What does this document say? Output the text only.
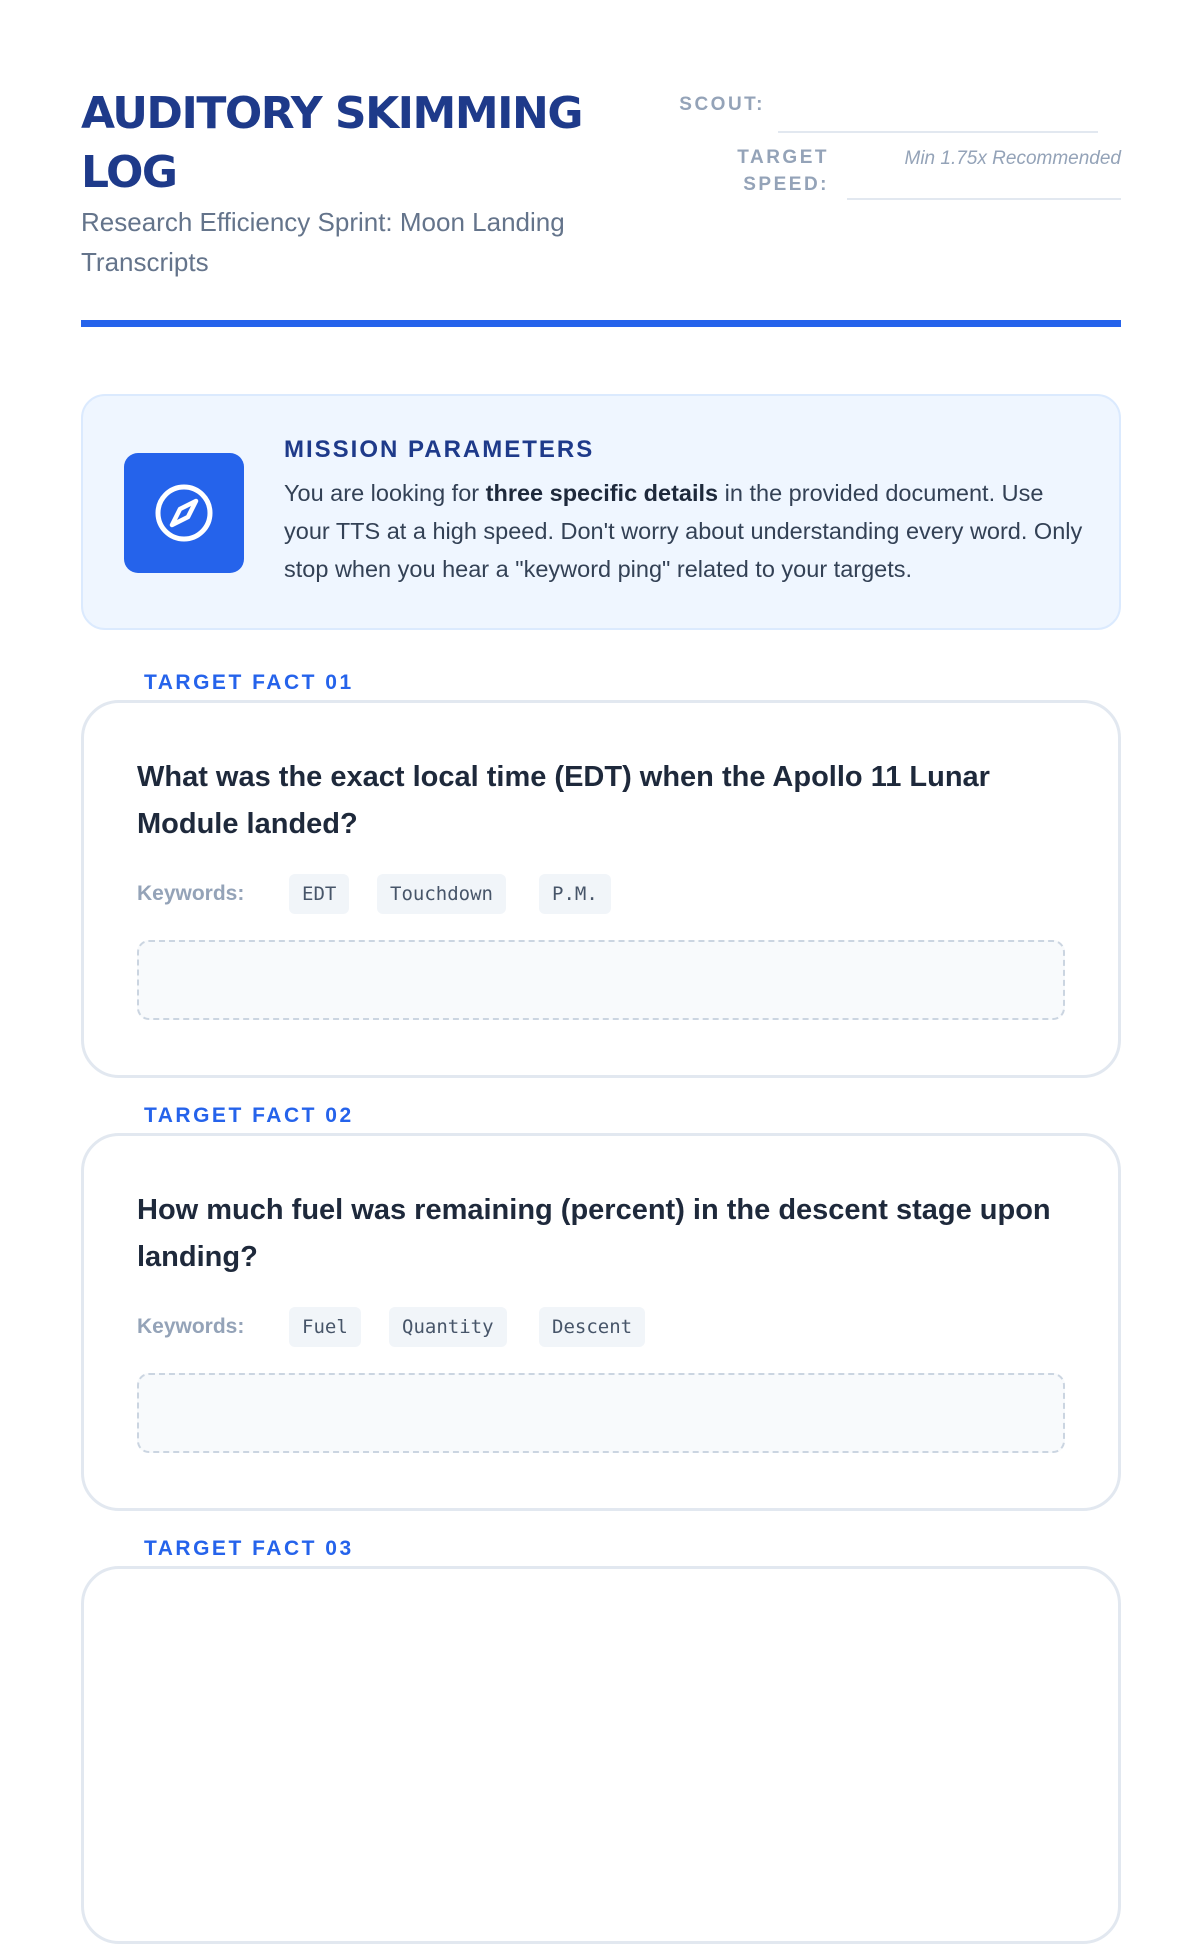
AUDITORY SKIMMING LOG

Research Efficiency Sprint: Moon Landing Transcripts

SCOUT:
TARGET SPEED:
Min 1.75x Recommended
MISSION PARAMETERS

You are looking for three specific details in the provided document. Use your TTS at a high speed. Don't worry about understanding every word. Only stop when you hear a "keyword ping" related to your targets.

TARGET FACT 01

What was the exact local time (EDT) when the Apollo 11 Lunar Module landed?

Keywords:	EDT	Touchdown	P.M.
TARGET FACT 02

How much fuel was remaining (percent) in the descent stage upon landing?

Keywords:	Fuel	Quantity	Descent
TARGET FACT 03
